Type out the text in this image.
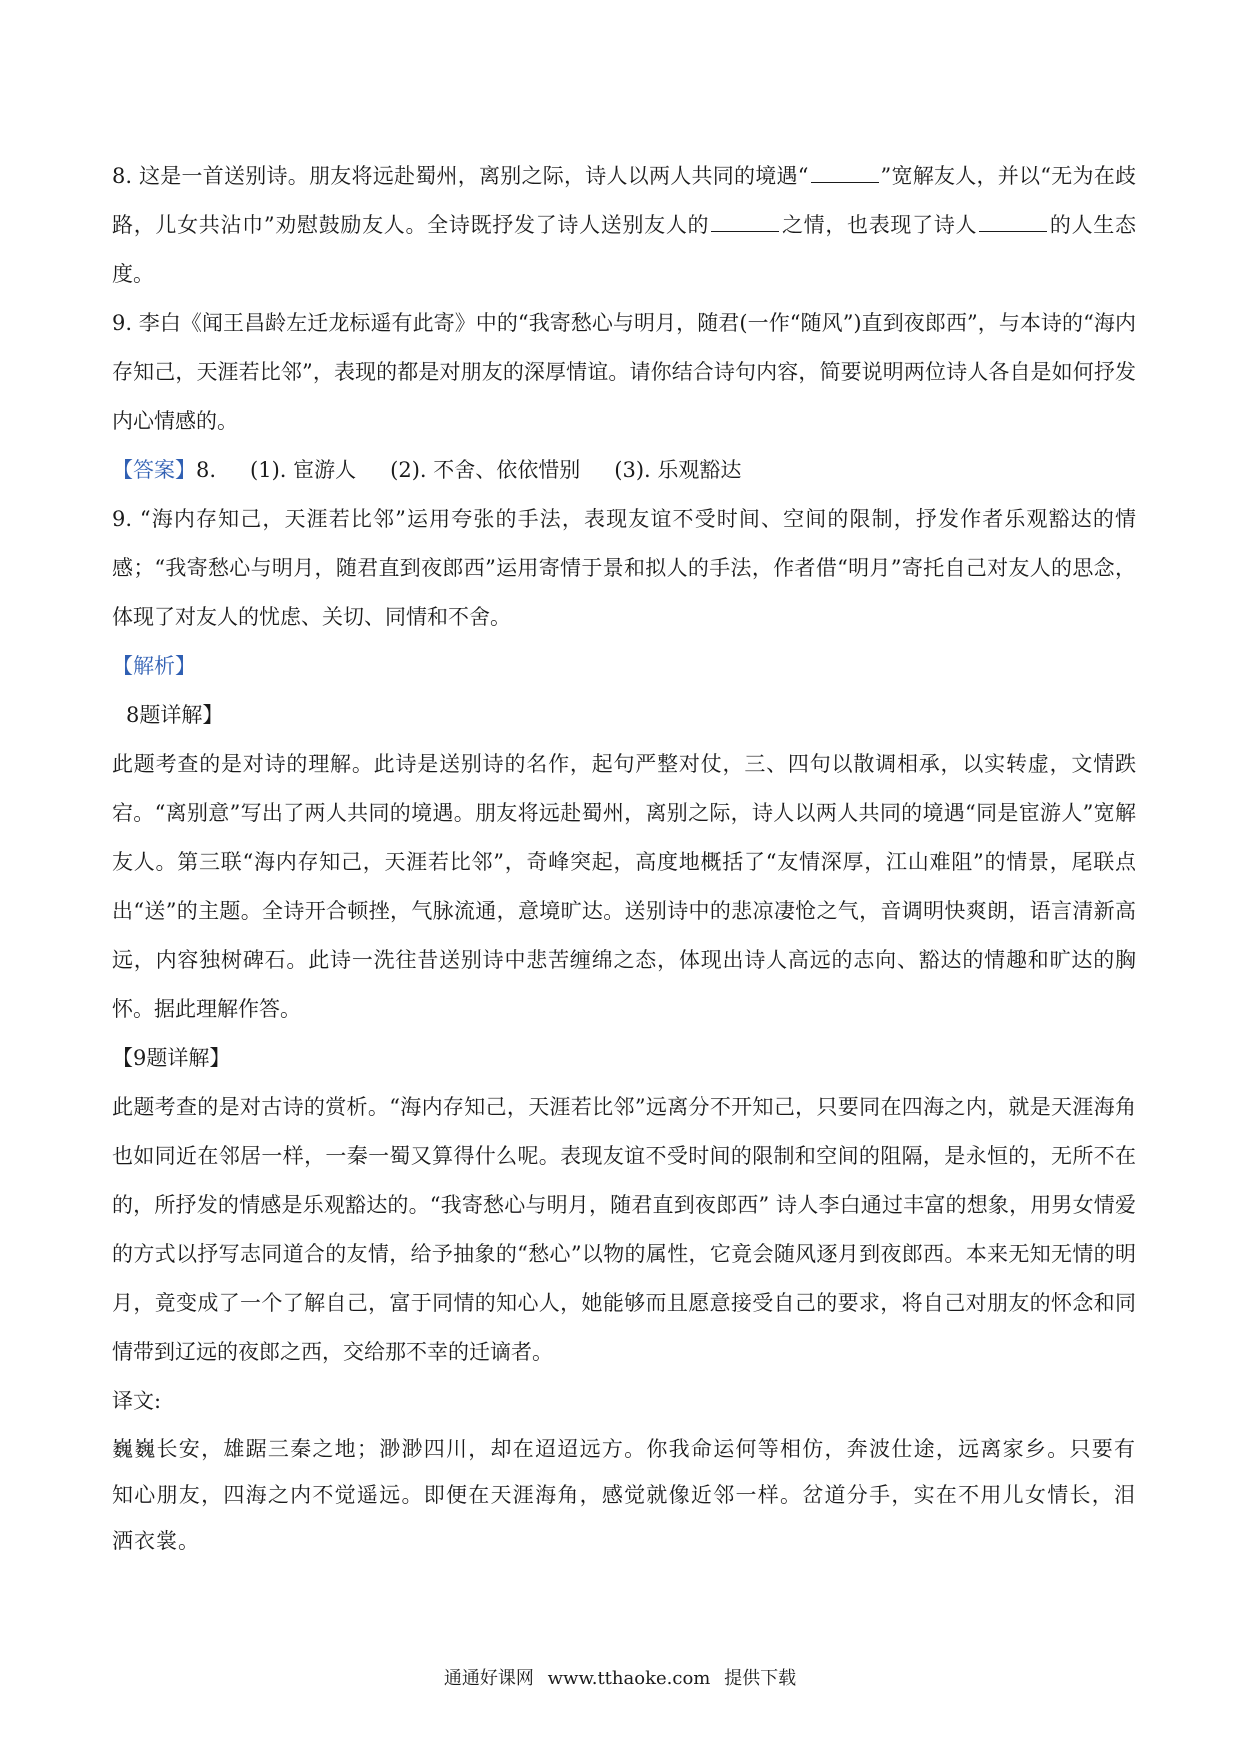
8. 这是一首送别诗。朋友将远赴蜀州，离别之际，诗人以两人共同的境遇“	”宽解友人，并以“无为在歧路，儿女共沾巾”劝慰鼓励友人。全诗既抒发了诗人送别友人的	之情，也表现了诗人	的人生态度。

9. 李白《闻王昌龄左迁龙标遥有此寄》中的“我寄愁心与明月，随君(一作“随风”)直到夜郎西”，与本诗的“海内存知己，天涯若比邻”，表现的都是对朋友的深厚情谊。请你结合诗句内容，简要说明两位诗人各自是如何抒发内心情感的。

【答案】8. (1). 宦游人 (2). 不舍、依依惜别 (3). 乐观豁达

9. “海内存知己，天涯若比邻”运用夸张的手法，表现友谊不受时间、空间的限制，抒发作者乐观豁达的情感；“我寄愁心与明月，随君直到夜郎西”运用寄情于景和拟人的手法，作者借“明月”寄托自己对友人的思念，体现了对友人的忧虑、关切、同情和不舍。

【解析】

8题详解】

此题考查的是对诗的理解。此诗是送别诗的名作，起句严整对仗，三、四句以散调相承，以实转虚，文情跌宕。“离别意”写出了两人共同的境遇。朋友将远赴蜀州，离别之际，诗人以两人共同的境遇“同是宦游人”宽解友人。第三联“海内存知己，天涯若比邻”，奇峰突起，高度地概括了“友情深厚，江山难阻”的情景，尾联点出“送”的主题。全诗开合顿挫，气脉流通，意境旷达。送别诗中的悲凉凄怆之气，音调明快爽朗，语言清新高远，内容独树碑石。此诗一洗往昔送别诗中悲苦缠绵之态，体现出诗人高远的志向、豁达的情趣和旷达的胸怀。据此理解作答。

【9题详解】

此题考查的是对古诗的赏析。“海内存知己，天涯若比邻”远离分不开知己，只要同在四海之内，就是天涯海角也如同近在邻居一样，一秦一蜀又算得什么呢。表现友谊不受时间的限制和空间的阻隔，是永恒的，无所不在的，所抒发的情感是乐观豁达的。“我寄愁心与明月，随君直到夜郎西” 诗人李白通过丰富的想象，用男女情爱的方式以抒写志同道合的友情，给予抽象的“愁心”以物的属性，它竟会随风逐月到夜郎西。本来无知无情的明月，竟变成了一个了解自己，富于同情的知心人，她能够而且愿意接受自己的要求，将自己对朋友的怀念和同情带到辽远的夜郎之西，交给那不幸的迁谪者。

译文:

巍巍长安，雄踞三秦之地；渺渺四川，却在迢迢远方。你我命运何等相仿，奔波仕途，远离家乡。只要有知心朋友，四海之内不觉遥远。即便在天涯海角，感觉就像近邻一样。岔道分手，实在不用儿女情长，泪洒衣裳。

通通好课网 www.tthaoke.com 提供下载
